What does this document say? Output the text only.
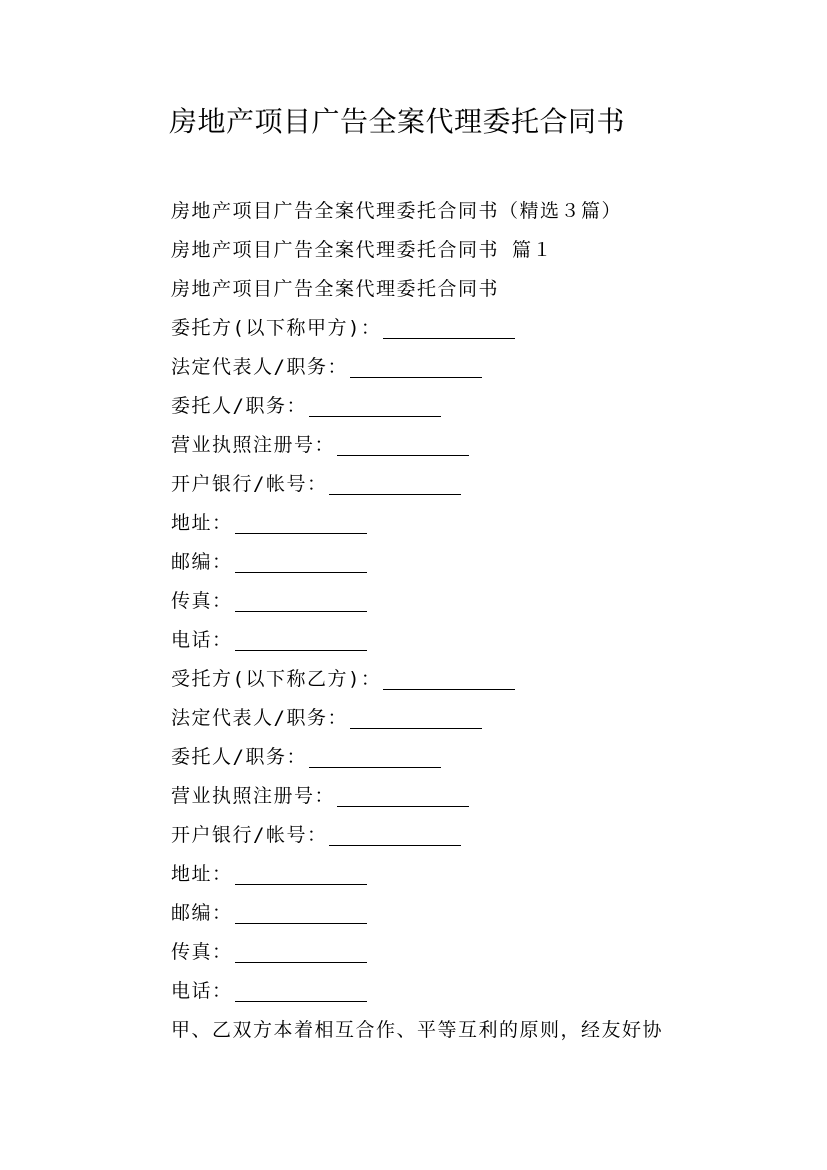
房地产项目广告全案代理委托合同书
房地产项目广告全案代理委托合同书（精选３篇）
房地产项目广告全案代理委托合同书 篇１
房地产项目广告全案代理委托合同书
委托方(以下称甲方)：
法定代表人/职务：
委托人/职务：
营业执照注册号：
开户银行/帐号：
地址：
邮编：
传真：
电话：
受托方(以下称乙方)：
法定代表人/职务：
委托人/职务：
营业执照注册号：
开户银行/帐号：
地址：
邮编：
传真：
电话：
甲、乙双方本着相互合作、平等互利的原则，经友好协
